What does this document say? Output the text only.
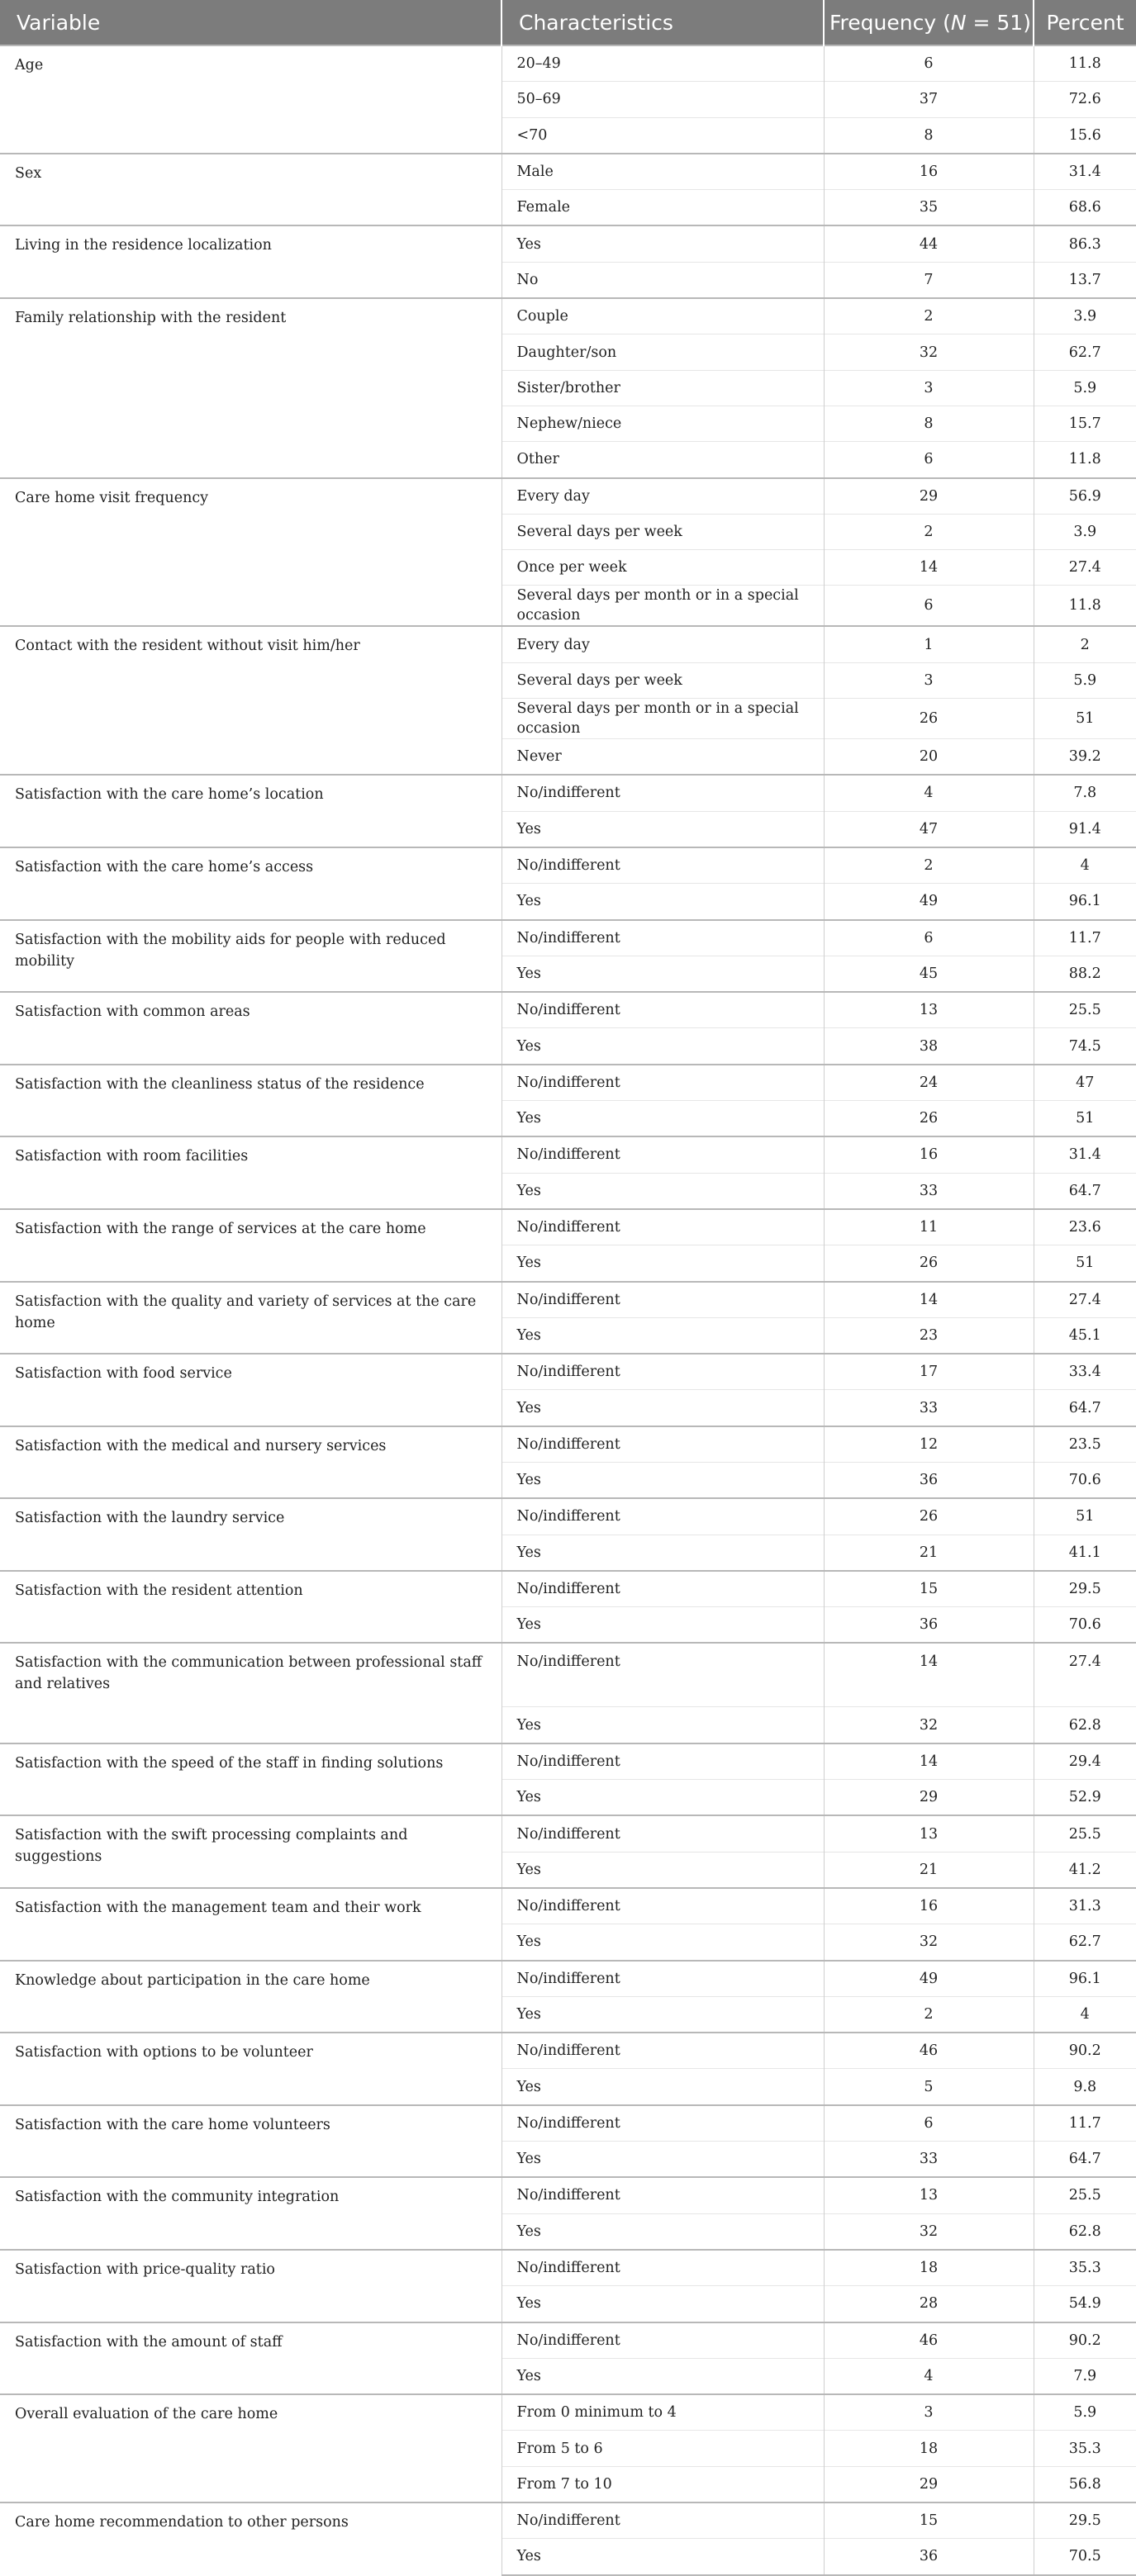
Variable	Characteristics	Frequency (N = 51)	Percent
Age	20–49	6	11.8
	50–69	37	72.6
	<70	8	15.6
Sex	Male	16	31.4
	Female	35	68.6
Living in the residence localization	Yes	44	86.3
	No	7	13.7
Family relationship with the resident	Couple	2	3.9
	Daughter/son	32	62.7
	Sister/brother	3	5.9
	Nephew/niece	8	15.7
	Other	6	11.8
Care home visit frequency	Every day	29	56.9
	Several days per week	2	3.9
	Once per week	14	27.4
	Several days per month or in a special occasion	6	11.8
Contact with the resident without visit him/her	Every day	1	2
	Several days per week	3	5.9
	Several days per month or in a special occasion	26	51
	Never	20	39.2
Satisfaction with the care home’s location	No/indifferent	4	7.8
	Yes	47	91.4
Satisfaction with the care home’s access	No/indifferent	2	4
	Yes	49	96.1
Satisfaction with the mobility aids for people with reduced mobility	No/indifferent	6	11.7
	Yes	45	88.2
Satisfaction with common areas	No/indifferent	13	25.5
	Yes	38	74.5
Satisfaction with the cleanliness status of the residence	No/indifferent	24	47
	Yes	26	51
Satisfaction with room facilities	No/indifferent	16	31.4
	Yes	33	64.7
Satisfaction with the range of services at the care home	No/indifferent	11	23.6
	Yes	26	51
Satisfaction with the quality and variety of services at the care home	No/indifferent	14	27.4
	Yes	23	45.1
Satisfaction with food service	No/indifferent	17	33.4
	Yes	33	64.7
Satisfaction with the medical and nursery services	No/indifferent	12	23.5
	Yes	36	70.6
Satisfaction with the laundry service	No/indifferent	26	51
	Yes	21	41.1
Satisfaction with the resident attention	No/indifferent	15	29.5
	Yes	36	70.6
Satisfaction with the communication between professional staff and relatives	No/indifferent	14	27.4
	Yes	32	62.8
Satisfaction with the speed of the staff in finding solutions	No/indifferent	14	29.4
	Yes	29	52.9
Satisfaction with the swift processing complaints and suggestions	No/indifferent	13	25.5
	Yes	21	41.2
Satisfaction with the management team and their work	No/indifferent	16	31.3
	Yes	32	62.7
Knowledge about participation in the care home	No/indifferent	49	96.1
	Yes	2	4
Satisfaction with options to be volunteer	No/indifferent	46	90.2
	Yes	5	9.8
Satisfaction with the care home volunteers	No/indifferent	6	11.7
	Yes	33	64.7
Satisfaction with the community integration	No/indifferent	13	25.5
	Yes	32	62.8
Satisfaction with price-quality ratio	No/indifferent	18	35.3
	Yes	28	54.9
Satisfaction with the amount of staff	No/indifferent	46	90.2
	Yes	4	7.9
Overall evaluation of the care home	From 0 minimum to 4	3	5.9
	From 5 to 6	18	35.3
	From 7 to 10	29	56.8
Care home recommendation to other persons	No/indifferent	15	29.5
	Yes	36	70.5
